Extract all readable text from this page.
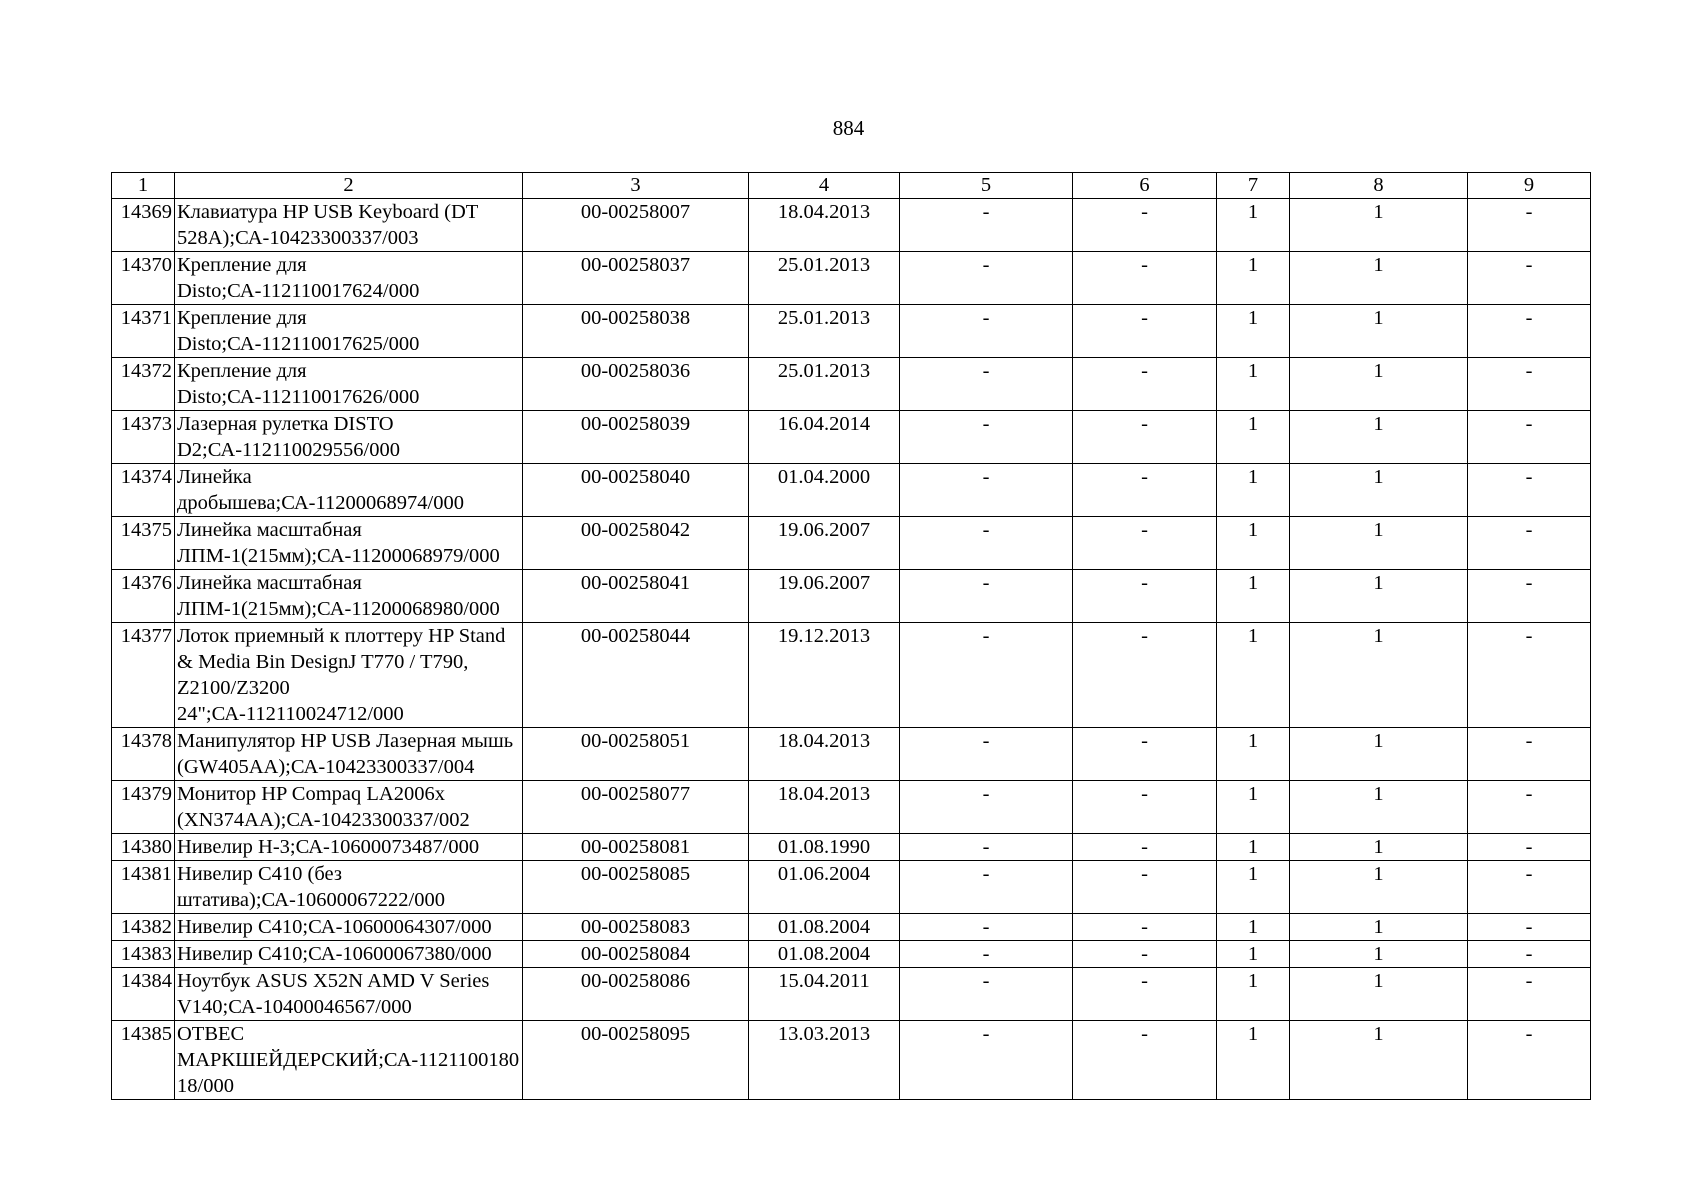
884
1	2	3	4	5	6	7	8	9
14369	Клавиатура HP USB Keyboard (DT 528A);СА-10423300337/003	00-00258007	18.04.2013	-	-	1	1	-
14370	Крепление для Disto;СА-112110017624/000	00-00258037	25.01.2013	-	-	1	1	-
14371	Крепление для Disto;СА-112110017625/000	00-00258038	25.01.2013	-	-	1	1	-
14372	Крепление для Disto;СА-112110017626/000	00-00258036	25.01.2013	-	-	1	1	-
14373	Лазерная рулетка DISTO D2;СА-112110029556/000	00-00258039	16.04.2014	-	-	1	1	-
14374	Линейка дробышева;СА-11200068974/000	00-00258040	01.04.2000	-	-	1	1	-
14375	Линейка масштабная ЛПМ-1(215мм);СА-11200068979/000	00-00258042	19.06.2007	-	-	1	1	-
14376	Линейка масштабная ЛПМ-1(215мм);СА-11200068980/000	00-00258041	19.06.2007	-	-	1	1	-
14377	Лоток приемный к плоттеру HP Stand & Media Bin DesignJ T770 / T790, Z2100/Z3200 24";СА-112110024712/000	00-00258044	19.12.2013	-	-	1	1	-
14378	Манипулятор HP USB Лазерная мышь (GW405AA);СА-10423300337/004	00-00258051	18.04.2013	-	-	1	1	-
14379	Монитор HP Compaq LA2006x (XN374AA);СА-10423300337/002	00-00258077	18.04.2013	-	-	1	1	-
14380	Нивелир Н-3;СА-10600073487/000	00-00258081	01.08.1990	-	-	1	1	-
14381	Нивелир С410 (без штатива);СА-10600067222/000	00-00258085	01.06.2004	-	-	1	1	-
14382	Нивелир С410;СА-10600064307/000	00-00258083	01.08.2004	-	-	1	1	-
14383	Нивелир С410;СА-10600067380/000	00-00258084	01.08.2004	-	-	1	1	-
14384	Ноутбук ASUS X52N AMD V Series V140;СА-10400046567/000	00-00258086	15.04.2011	-	-	1	1	-
14385	ОТВЕС МАРКШЕЙДЕРСКИЙ;СА-112110018018/000	00-00258095	13.03.2013	-	-	1	1	-
